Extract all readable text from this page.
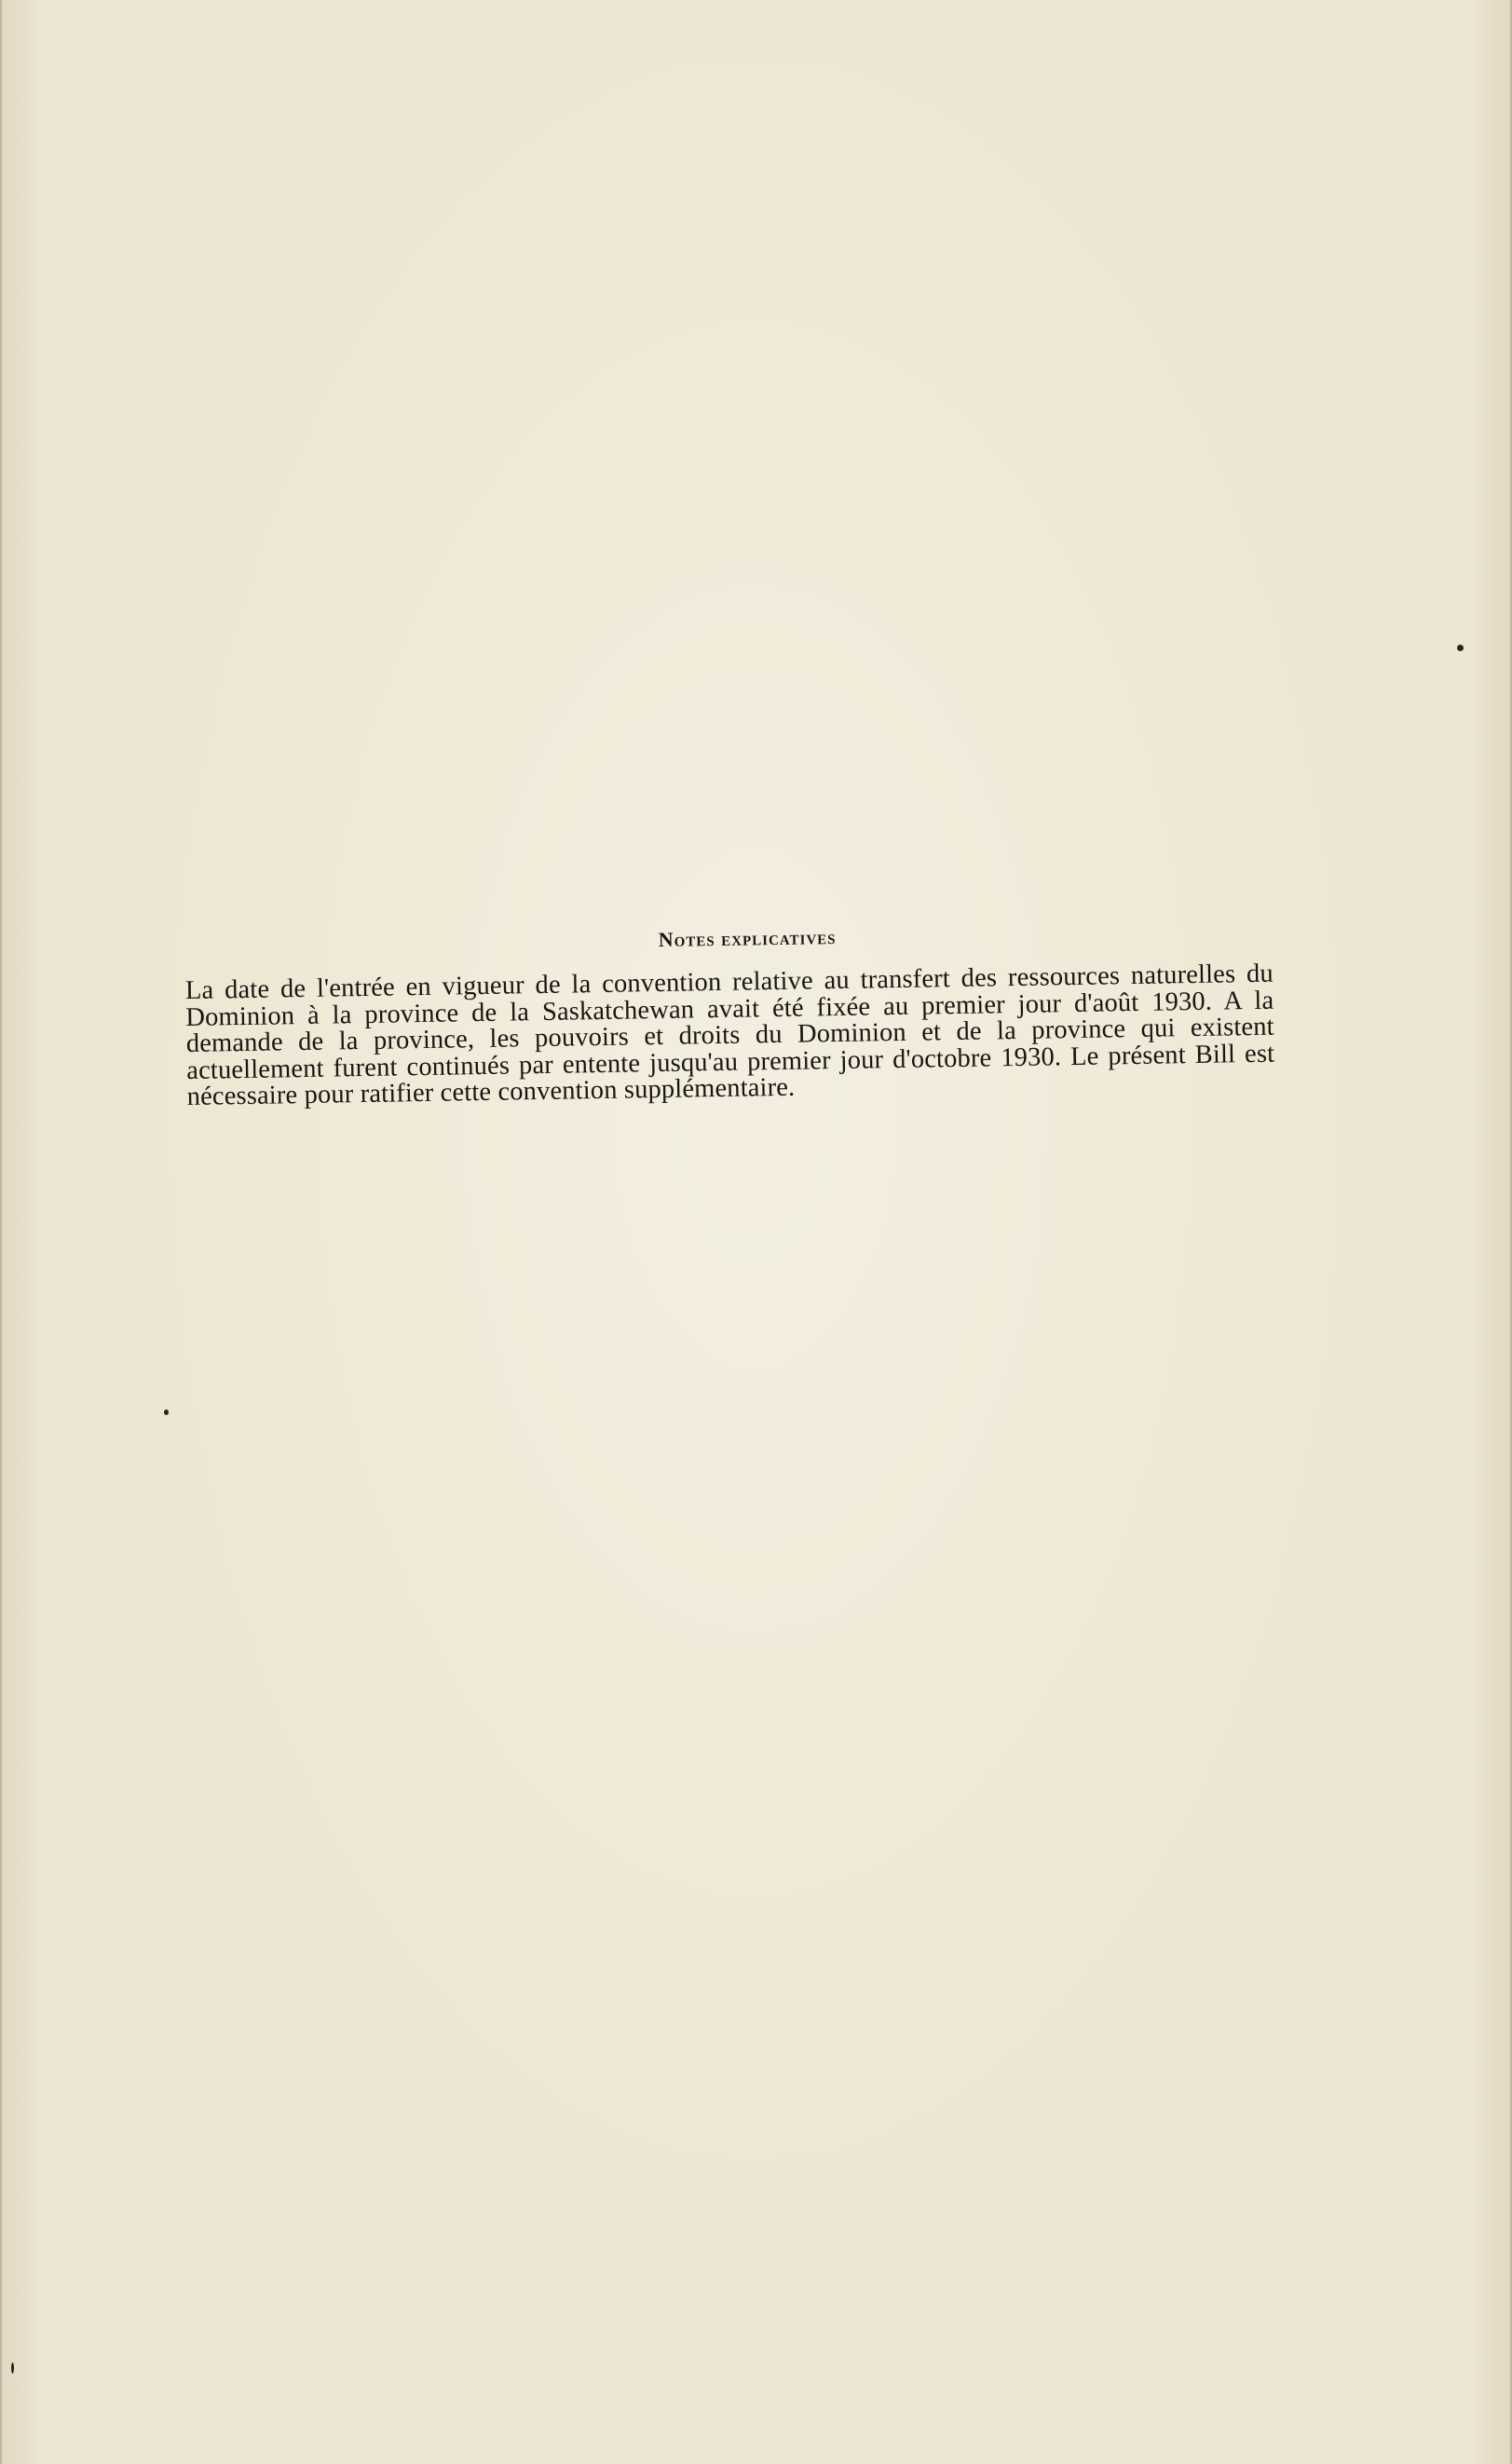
Notes explicatives

La date de l'entrée en vigueur de la convention relative au transfert des ressources naturelles du Dominion à la province de la Saskatchewan avait été fixée au premier jour d'août 1930. A la demande de la province, les pouvoirs et droits du Dominion et de la province qui existent actuellement furent continués par entente jusqu'au premier jour d'octobre 1930. Le présent Bill est nécessaire pour ratifier cette convention supplémentaire.
